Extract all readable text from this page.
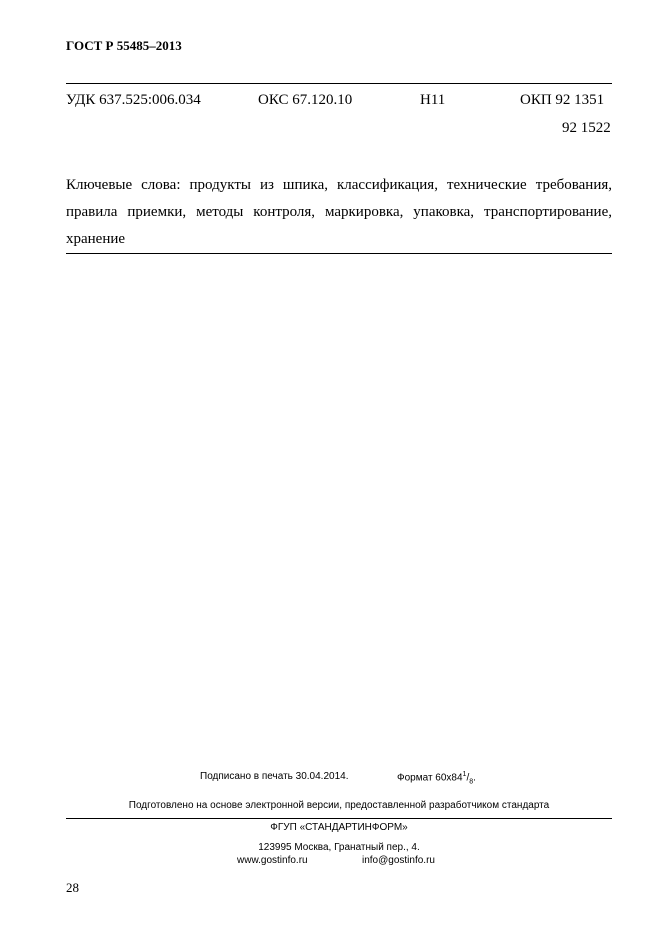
ГОСТ Р 55485–2013
УДК 637.525:006.034	ОКС 67.120.10	Н11	ОКП 92 1351
92 1522
Ключевые слова: продукты из шпика, классификация, технические требования,
правила приемки, методы контроля, маркировка, упаковка, транспортирование,
хранение
Подписано в печать 30.04.2014.	Формат $60x84^1/_8$.
Подготовлено на основе электронной версии, предоставленной разработчиком стандарта
ФГУП «СТАНДАРТИНФОРМ»
123995 Москва, Гранатный пер., 4.
www.gostinfo.ru	info@gostinfo.ru
28
